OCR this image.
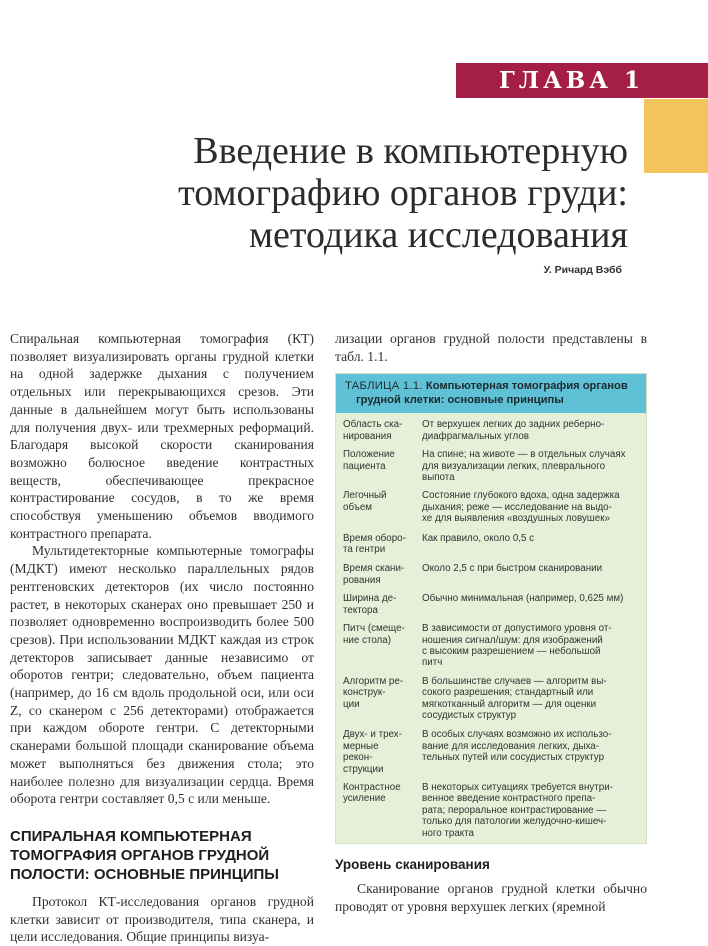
ГЛАВА 1
Введение в компьютерную
томографию органов груди:
методика исследования
У. Ричард Вэбб

Спиральная компьютерная томография (КТ) позволяет визуализировать органы грудной клетки на одной задержке дыхания с получением отдельных или перекрывающихся срезов. Эти данные в дальнейшем могут быть использованы для получения двух- или трехмерных реформаций. Благодаря высокой скорости сканирования возможно болюсное введение контрастных веществ, обеспечивающее прекрасное контрастирование сосудов, в то же время способствуя уменьшению объемов вводимого контрастного препарата.

Мультидетекторные компьютерные томографы (МДКТ) имеют несколько параллельных рядов рентгеновских детекторов (их число постоянно растет, в некоторых сканерах оно превышает 250 и позволяет одновременно воспроизводить более 500 срезов). При использовании МДКТ каждая из строк детекторов записывает данные независимо от оборотов гентри; следовательно, объем пациента (например, до 16 см вдоль продольной оси, или оси Z, со сканером с 256 детекторами) отображается при каждом обороте гентри. С детекторными сканерами большой площади сканирование объема может выполняться без движения стола; это наиболее полезно для визуализации сердца. Время оборота гентри составляет 0,5 с или меньше.

СПИРАЛЬНАЯ КОМПЬЮТЕРНАЯ ТОМОГРАФИЯ ОРГАНОВ ГРУДНОЙ ПОЛОСТИ: ОСНОВНЫЕ ПРИНЦИПЫ

Протокол КТ-исследования органов грудной клетки зависит от производителя, типа сканера, и цели исследования. Общие принципы визуа-

лизации органов грудной полости представлены в табл. 1.1.

ТАБЛИЦА 1.1. Компьютерная томография органов
грудной клетки: основные принципы
Область ска-
нирования
От верхушек легких до задних реберно-
диафрагмальных углов
Положение
пациента
На спине; на животе — в отдельных случаях
для визуализации легких, плеврального
выпота
Легочный
объем
Состояние глубокого вдоха, одна задержка
дыхания; реже — исследование на выдо-
хе для выявления «воздушных ловушек»
Время оборо-
та гентри
Как правило, около 0,5 с
Время скани-
рования
Около 2,5 с при быстром сканировании
Ширина де-
тектора
Обычно минимальная (например, 0,625 мм)
Питч (смеще-
ние стола)
В зависимости от допустимого уровня от-
ношения сигнал/шум: для изображений
с высоким разрешением — небольшой
питч
Алгоритм ре-
конструк-
ции
В большинстве случаев — алгоритм вы-
сокого разрешения; стандартный или
мягкотканный алгоритм — для оценки
сосудистых структур
Двух- и трех-
мерные
рекон-
струкции
В особых случаях возможно их использо-
вание для исследования легких, дыха-
тельных путей или сосудистых структур
Контрастное
усиление
В некоторых ситуациях требуется внутри-
венное введение контрастного препа-
рата; пероральное контрастирование —
только для патологии желудочно-кишеч-
ного тракта
Уровень сканирования

Сканирование органов грудной клетки обычно проводят от уровня верхушек легких (яремной
